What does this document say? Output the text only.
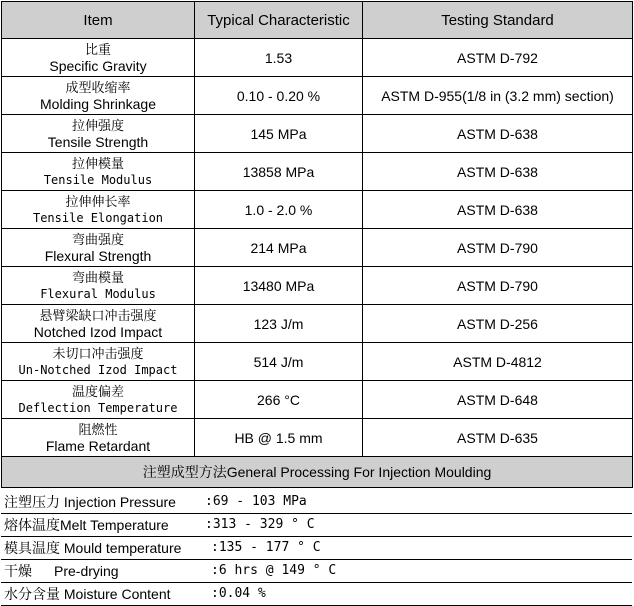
Item	Typical Characteristic	Testing Standard

比重
Specific Gravity	1.53	ASTM D-792

成型收缩率
Molding Shrinkage	0.10 - 0.20 %	ASTM D-955(1/8 in (3.2 mm) section)

拉伸强度
Tensile Strength	145 MPa	ASTM D-638

拉伸模量
Tensile Modulus	13858 MPa	ASTM D-638

拉伸伸长率
Tensile Elongation	1.0 - 2.0 %	ASTM D-638

弯曲强度
Flexural Strength	214 MPa	ASTM D-790

弯曲模量
Flexural Modulus	13480 MPa	ASTM D-790

悬臂梁缺口冲击强度
Notched Izod Impact	123 J/m	ASTM D-256

未切口冲击强度
Un-Notched Izod Impact	514 J/m	ASTM D-4812

温度偏差
Deflection Temperature	266 °C	ASTM D-648

阻燃性
Flame Retardant	HB @ 1.5 mm	ASTM D-635
注塑成型方法General Processing For Injection Moulding		
注塑压力 Injection Pressure :69 - 103 MPa
熔体温度Melt Temperature	:313 - 329 ° C
模具温度 Mould temperature :135 - 177 ° C
干燥 Pre-drying	:6 hrs @ 149 ° C
水分含量 Moisture Content	:0.04 %
